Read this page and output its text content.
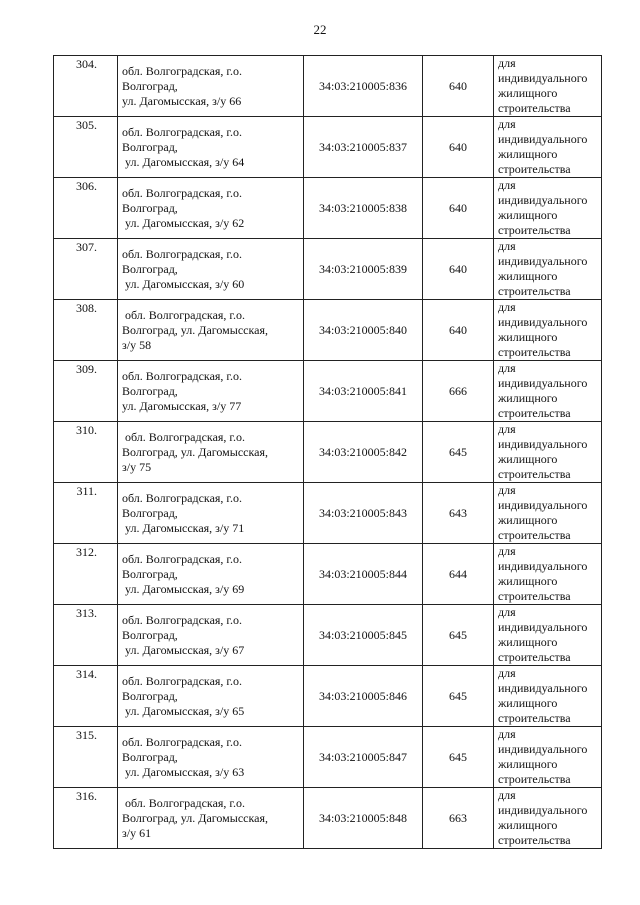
22
304.	обл. Волгоградская, г.о.
Волгоград,
ул. Дагомысская, з/у 66	34:03:210005:836	640	для
индивидуального
жилищного
строительства

305.	обл. Волгоградская, г.о.
Волгоград,
ул. Дагомысская, з/у 64	34:03:210005:837	640	для
индивидуального
жилищного
строительства

306.	обл. Волгоградская, г.о.
Волгоград,
ул. Дагомысская, з/у 62	34:03:210005:838	640	для
индивидуального
жилищного
строительства

307.	обл. Волгоградская, г.о.
Волгоград,
ул. Дагомысская, з/у 60	34:03:210005:839	640	для
индивидуального
жилищного
строительства

308.	обл. Волгоградская, г.о.
Волгоград, ул. Дагомысская,
з/у 58	34:03:210005:840	640	для
индивидуального
жилищного
строительства

309.	обл. Волгоградская, г.о.
Волгоград,
ул. Дагомысская, з/у 77	34:03:210005:841	666	для
индивидуального
жилищного
строительства

310.	обл. Волгоградская, г.о.
Волгоград, ул. Дагомысская,
з/у 75	34:03:210005:842	645	для
индивидуального
жилищного
строительства

311.	обл. Волгоградская, г.о.
Волгоград,
ул. Дагомысская, з/у 71	34:03:210005:843	643	для
индивидуального
жилищного
строительства

312.	обл. Волгоградская, г.о.
Волгоград,
ул. Дагомысская, з/у 69	34:03:210005:844	644	для
индивидуального
жилищного
строительства

313.	обл. Волгоградская, г.о.
Волгоград,
ул. Дагомысская, з/у 67	34:03:210005:845	645	для
индивидуального
жилищного
строительства

314.	обл. Волгоградская, г.о.
Волгоград,
ул. Дагомысская, з/у 65	34:03:210005:846	645	для
индивидуального
жилищного
строительства

315.	обл. Волгоградская, г.о.
Волгоград,
ул. Дагомысская, з/у 63	34:03:210005:847	645	для
индивидуального
жилищного
строительства

316.	обл. Волгоградская, г.о.
Волгоград, ул. Дагомысская,
з/у 61	34:03:210005:848	663	для
индивидуального
жилищного
строительства
